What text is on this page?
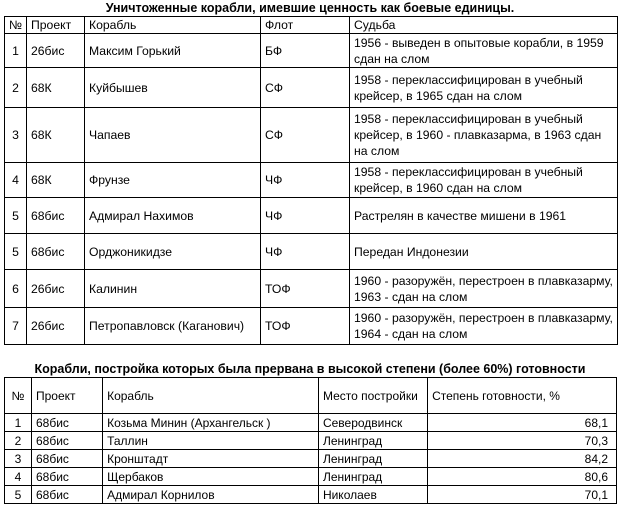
Уничтоженные корабли, имевшие ценность как боевые единицы.
№	Проект	Корабль	Флот	Судьба
1	26бис	Максим Горький	БФ	1956 - выведен в опытовые корабли, в 1959 сдан на слом
2	68К	Куйбышев	СФ	1958 - переклассифицирован в учебный крейсер, в 1965 сдан на слом
3	68К	Чапаев	СФ	1958 - переклассифицирован в учебный крейсер, в 1960 - плавказарма, в 1963 сдан на слом
4	68К	Фрунзе	ЧФ	1958 - переклассифицирован в учебный крейсер, в 1960 сдан на слом
5	68бис	Адмирал Нахимов	ЧФ	Растрелян в качестве мишени в 1961
5	68бис	Орджоникидзе	ЧФ	Передан Индонезии
6	26бис	Калинин	ТОФ	1960 - разоружён, перестроен в плавказарму, 1963 - сдан на слом
7	26бис	Петропавловск (Каганович)	ТОФ	1960 - разоружён, перестроен в плавказарму, 1964 - сдан на слом
Корабли, постройка которых была прервана в высокой степени (более 60%) готовности
№	Проект	Корабль	Место постройки	Степень готовности, %
1	68бис	Козьма Минин (Архангельск )	Северодвинск	68,1
2	68бис	Таллин	Ленинград	70,3
3	68бис	Кронштадт	Ленинград	84,2
4	68бис	Щербаков	Ленинград	80,6
5	68бис	Адмирал Корнилов	Николаев	70,1
